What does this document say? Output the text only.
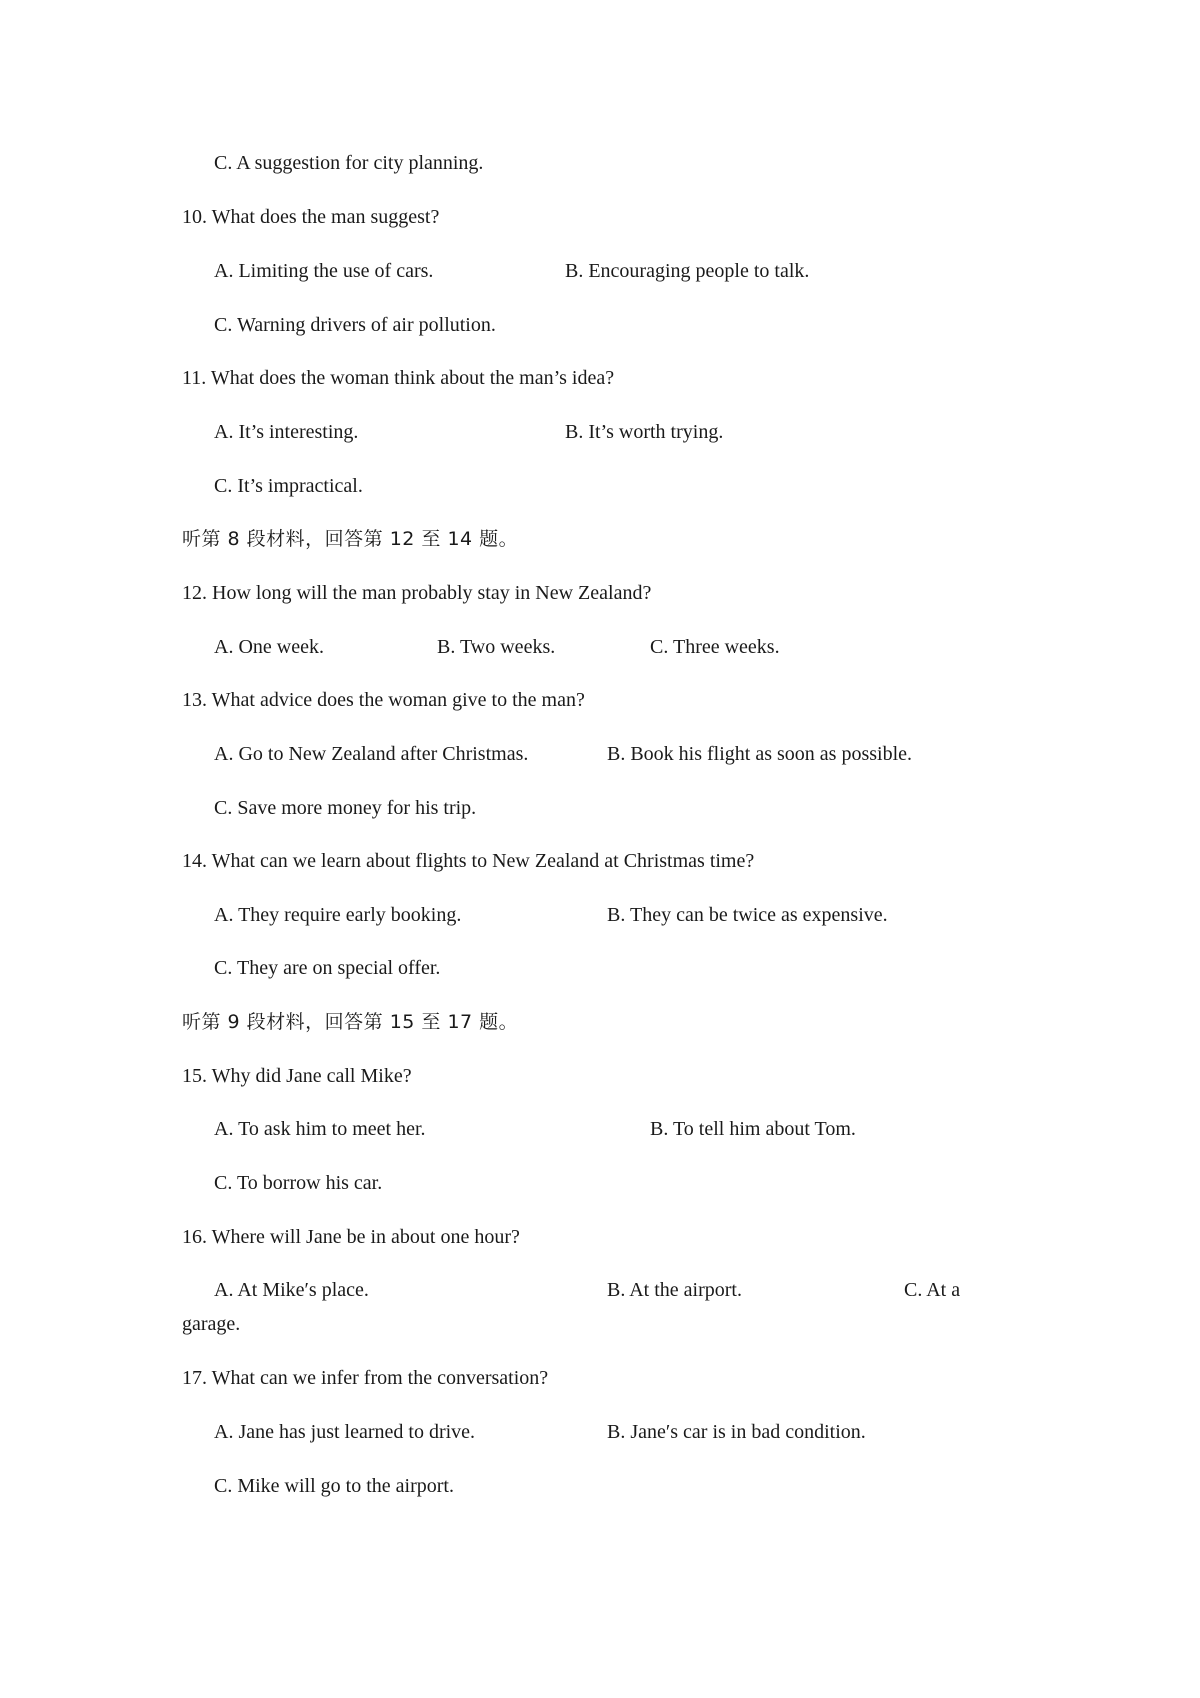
C. A suggestion for city planning.

10. What does the man suggest?

A. Limiting the use of cars.	B. Encouraging people to talk.

C. Warning drivers of air pollution.

11. What does the woman think about the man’s idea?

A. It’s interesting.	B. It’s worth trying.

C. It’s impractical.

听第 8 段材料，回答第 12 至 14 题。

12. How long will the man probably stay in New Zealand?

A. One week.	B. Two weeks.	C. Three weeks.

13. What advice does the woman give to the man?

A. Go to New Zealand after Christmas.	B. Book his flight as soon as possible.

C. Save more money for his trip.

14. What can we learn about flights to New Zealand at Christmas time?

A. They require early booking.	B. They can be twice as expensive.

C. They are on special offer.

听第 9 段材料，回答第 15 至 17 题。

15. Why did Jane call Mike?

A. To ask him to meet her.	B. To tell him about Tom.

C. To borrow his car.

16. Where will Jane be in about one hour?

A. At Mike′s place.	B. At the airport.	C. At a

garage.

17. What can we infer from the conversation?

A. Jane has just learned to drive.	B. Jane′s car is in bad condition.

C. Mike will go to the airport.
